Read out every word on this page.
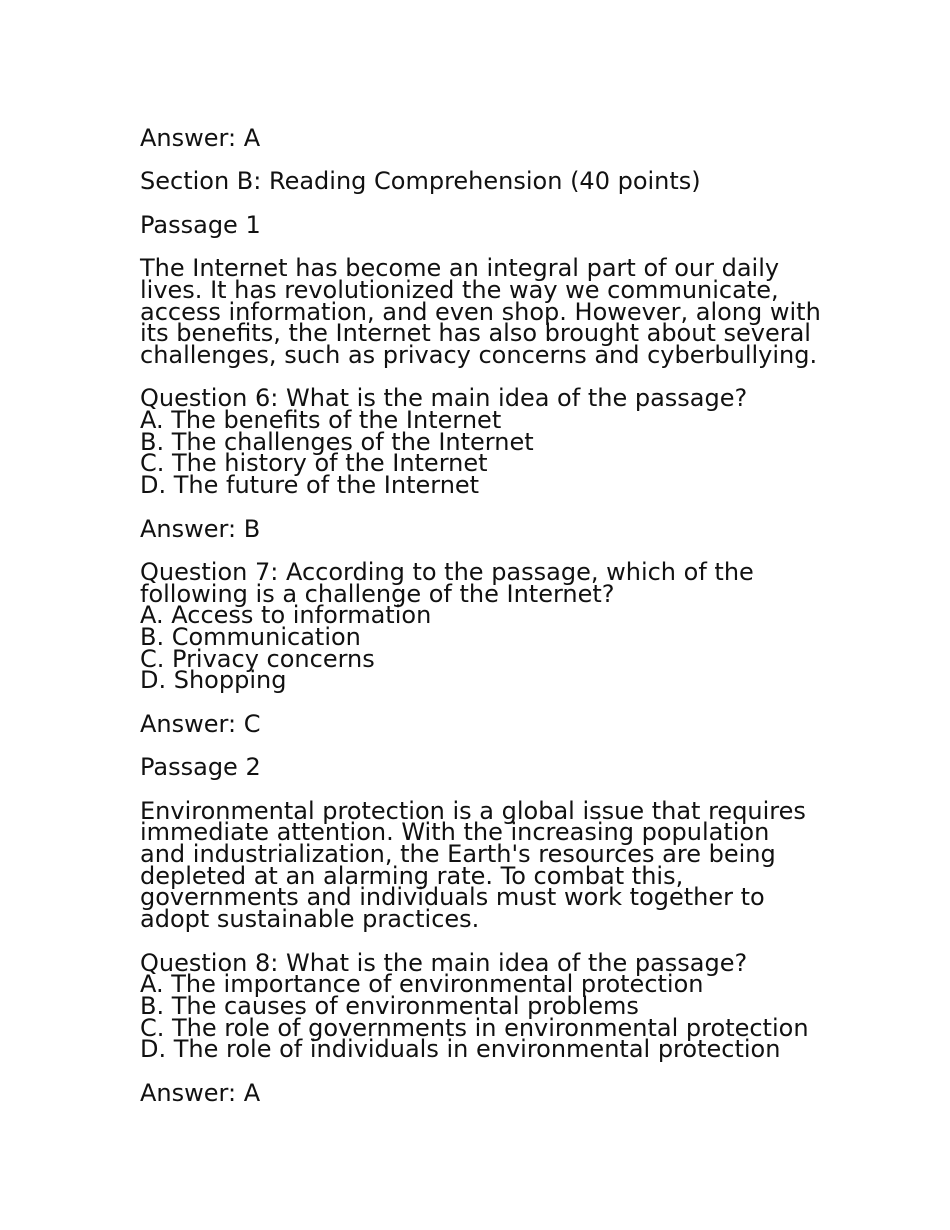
Answer: A

Section B: Reading Comprehension (40 points)

Passage 1

The Internet has become an integral part of our daily
lives. It has revolutionized the way we communicate,
access information, and even shop. However, along with
its benefits, the Internet has also brought about several
challenges, such as privacy concerns and cyberbullying.

Question 6: What is the main idea of the passage?
A. The benefits of the Internet
B. The challenges of the Internet
C. The history of the Internet
D. The future of the Internet

Answer: B

Question 7: According to the passage, which of the
following is a challenge of the Internet?
A. Access to information
B. Communication
C. Privacy concerns
D. Shopping

Answer: C

Passage 2

Environmental protection is a global issue that requires
immediate attention. With the increasing population
and industrialization, the Earth's resources are being
depleted at an alarming rate. To combat this,
governments and individuals must work together to
adopt sustainable practices.

Question 8: What is the main idea of the passage?
A. The importance of environmental protection
B. The causes of environmental problems
C. The role of governments in environmental protection
D. The role of individuals in environmental protection

Answer: A
